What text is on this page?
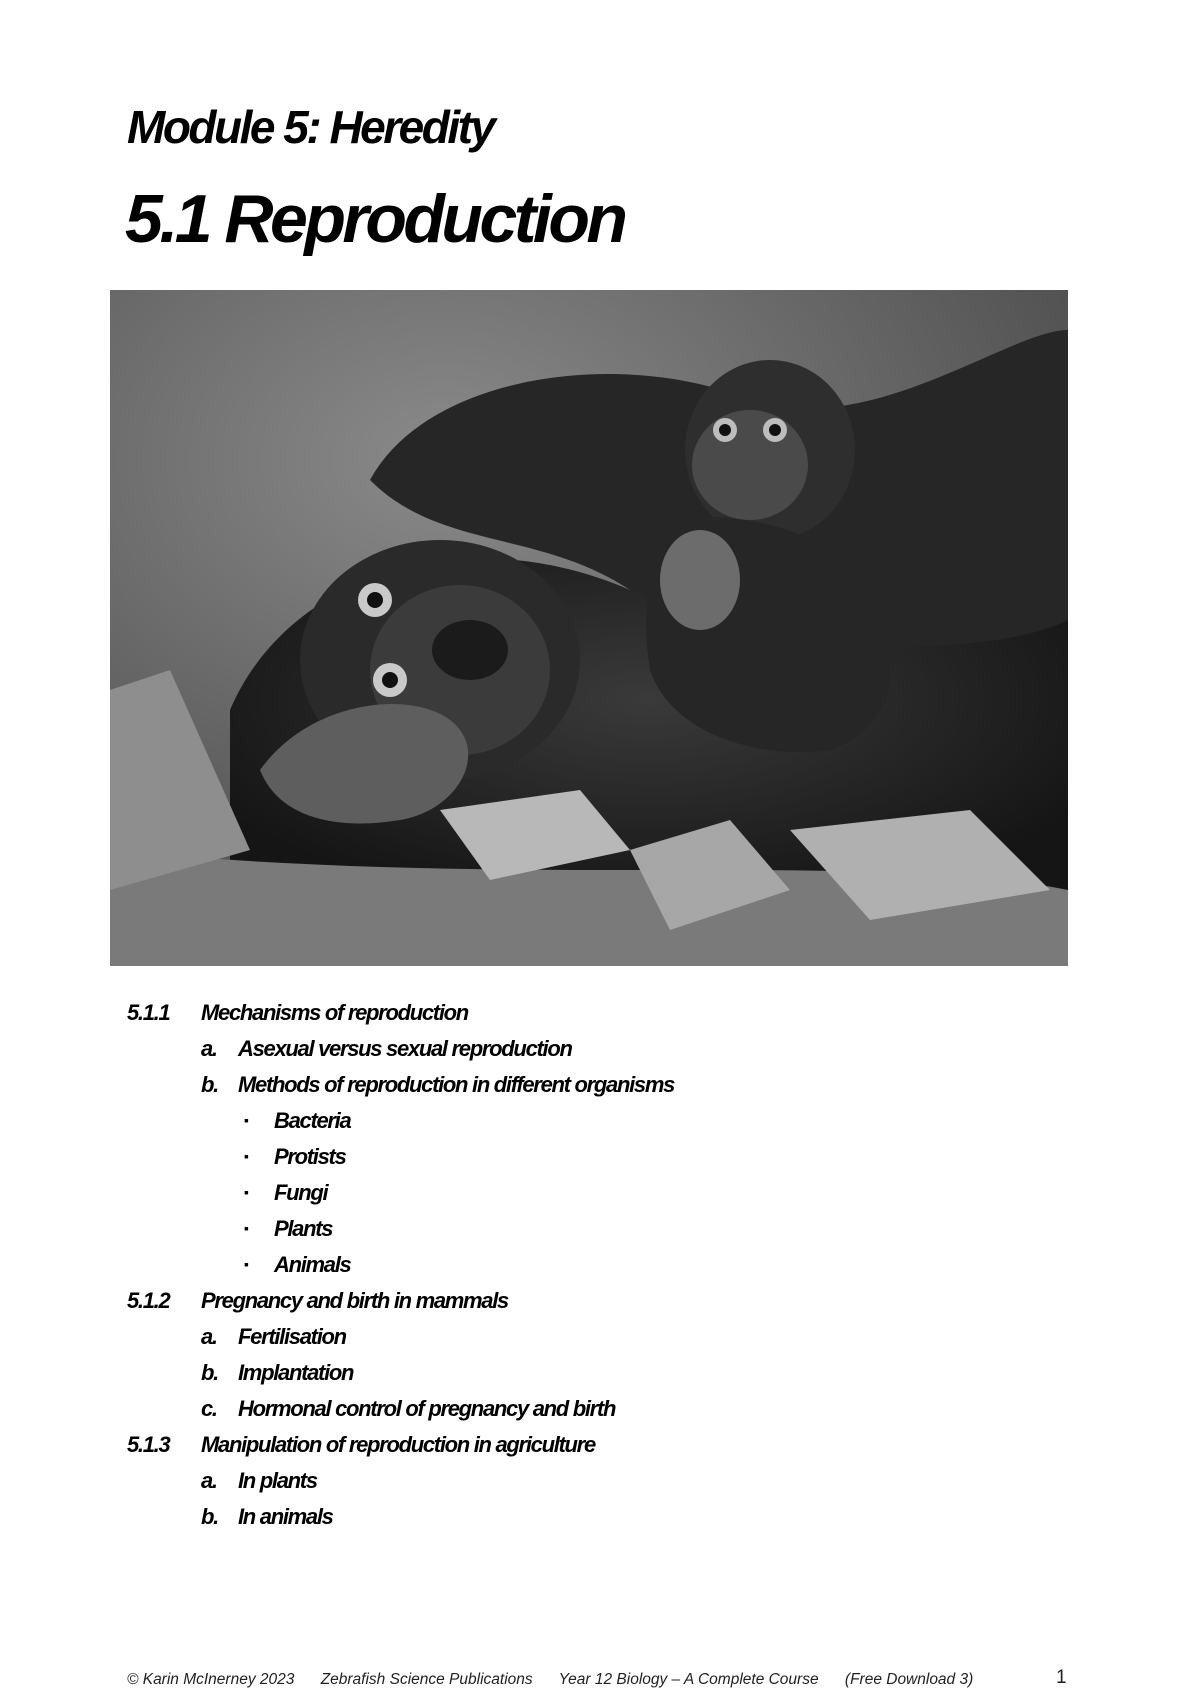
Module 5: Heredity
5.1 Reproduction
5.1.1 Mechanisms of reproduction
a. Asexual versus sexual reproduction
b. Methods of reproduction in different organisms
▪ Bacteria
▪ Protists
▪ Fungi
▪ Plants
▪ Animals
5.1.2 Pregnancy and birth in mammals
a. Fertilisation
b. Implantation
c. Hormonal control of pregnancy and birth
5.1.3 Manipulation of reproduction in agriculture
a. In plants
b. In animals
© Karin McInerney 2023 Zebrafish Science Publications Year 12 Biology – A Complete Course (Free Download 3)	1
